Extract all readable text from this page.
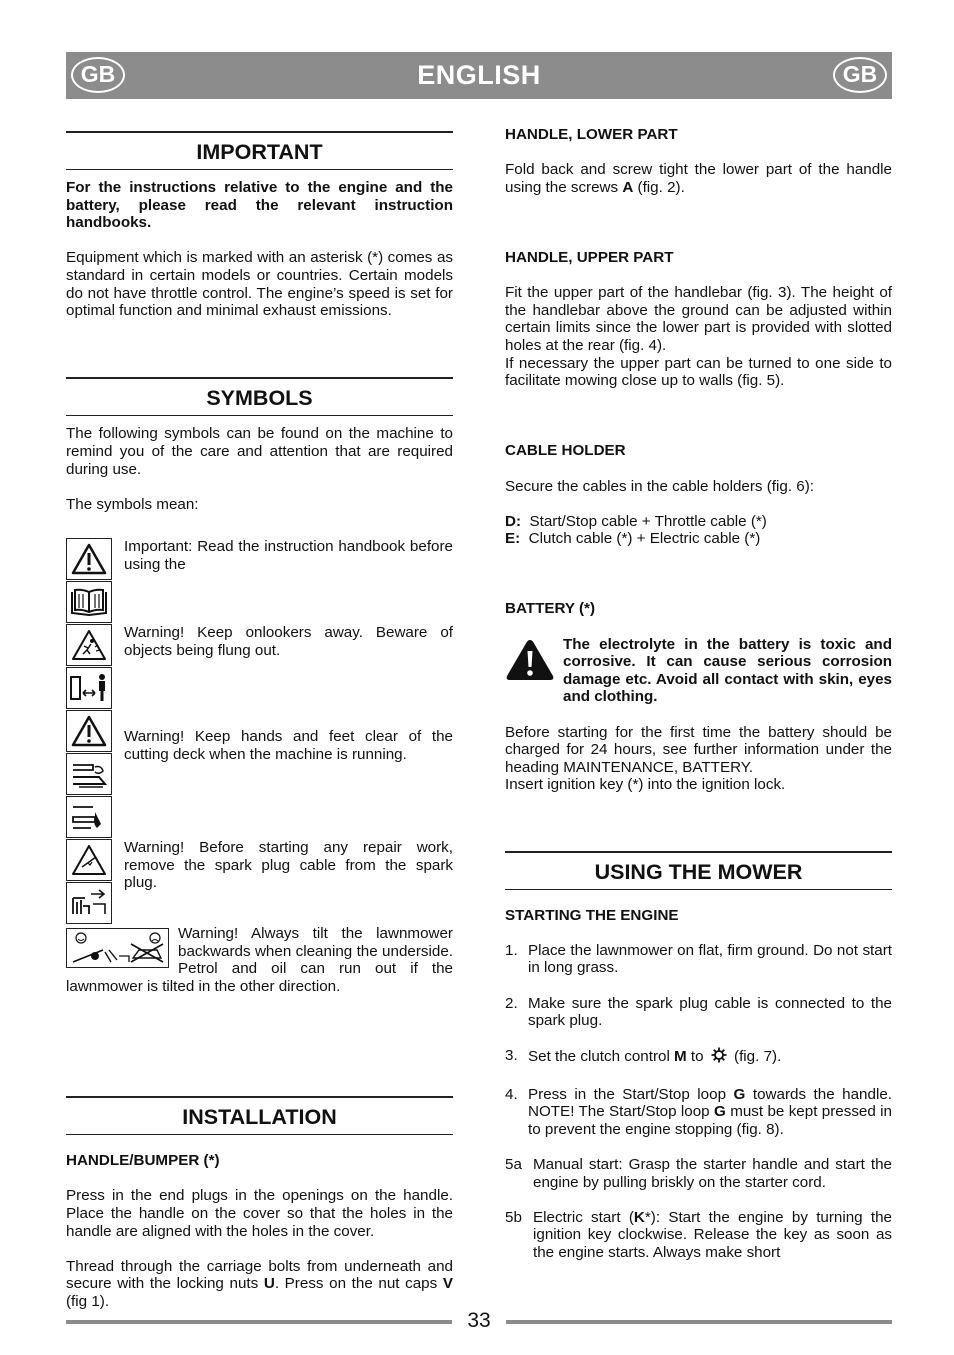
GB	ENGLISH	GB
IMPORTANT

For the instructions relative to the engine and the battery, please read the relevant instruction handbooks.

Equipment which is marked with an asterisk (*) comes as standard in certain models or countries. Certain models do not have throttle control. The engine’s speed is set for optimal function and minimal exhaust emissions.

SYMBOLS

The following symbols can be found on the machine to remind you of the care and attention that are required during use.

The symbols mean:

Important: Read the instruction handbook before using the
Warning! Keep onlookers away. Beware of objects being flung out.
Warning! Keep hands and feet clear of the cutting deck when the machine is running.
Warning! Before starting any repair work, remove the spark plug cable from the spark plug.
Warning! Always tilt the lawnmower backwards when cleaning the underside. Petrol and oil can run out if the lawnmower is tilted in the other direction.
INSTALLATION
HANDLE/BUMPER (*)

Press in the end plugs in the openings on the handle. Place the handle on the cover so that the holes in the handle are aligned with the holes in the cover.

Thread through the carriage bolts from underneath and secure with the locking nuts U. Press on the nut caps V (fig 1).

HANDLE, LOWER PART

Fold back and screw tight the lower part of the handle using the screws A (fig. 2).

HANDLE, UPPER PART

Fit the upper part of the handlebar (fig. 3). The height of the handlebar above the ground can be adjusted within certain limits since the lower part is provided with slotted holes at the rear (fig. 4).

If necessary the upper part can be turned to one side to facilitate mowing close up to walls (fig. 5).

CABLE HOLDER

Secure the cables in the cable holders (fig. 6):

D: Start/Stop cable + Throttle cable (*)
E: Clutch cable (*) + Electric cable (*)
BATTERY (*)
The electrolyte in the battery is toxic and corrosive. It can cause serious corrosion damage etc. Avoid all contact with skin, eyes and clothing.

Before starting for the first time the battery should be charged for 24 hours, see further information under the heading MAINTENANCE, BATTERY.

Insert ignition key (*) into the ignition lock.

USING THE MOWER
STARTING THE ENGINE
1. Place the lawnmower on flat, firm ground. Do not start in long grass.
2. Make sure the spark plug cable is connected to the spark plug.
3. Set the clutch control M to  (fig. 7).
4. Press in the Start/Stop loop G towards the handle. NOTE! The Start/Stop loop G must be kept pressed in to prevent the engine stopping (fig. 8).
5a Manual start: Grasp the starter handle and start the engine by pulling briskly on the starter cord.
5b Electric start (K*): Start the engine by turning the ignition key clockwise. Release the key as soon as the engine starts. Always make short
33
